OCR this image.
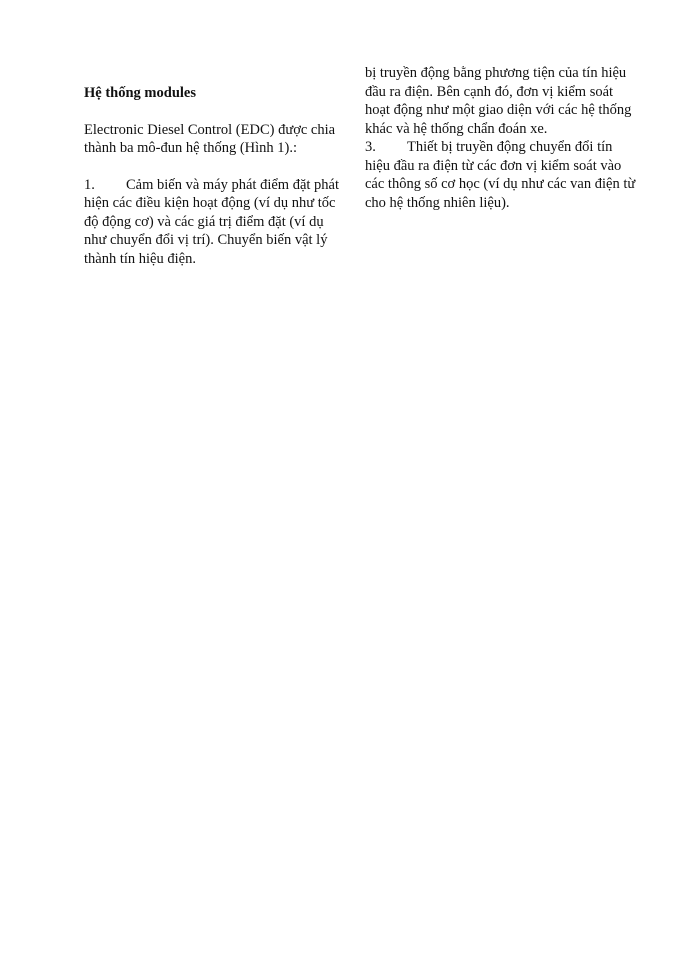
Hệ thống modules

Electronic Diesel Control (EDC) được chia thành ba mô-đun hệ thống (Hình 1).:

1. Cảm biến và máy phát điểm đặt phát hiện các điều kiện hoạt động (ví dụ như tốc độ động cơ) và các giá trị điểm đặt (ví dụ như chuyển đổi vị trí). Chuyển biến vật lý thành tín hiệu điện.

bị truyền động bằng phương tiện của tín hiệu đầu ra điện. Bên cạnh đó, đơn vị kiểm soát hoạt động như một giao diện với các hệ thống khác và hệ thống chẩn đoán xe.

3. Thiết bị truyền động chuyển đổi tín hiệu đầu ra điện từ các đơn vị kiểm soát vào các thông số cơ học (ví dụ như các van điện từ cho hệ thống nhiên liệu).
